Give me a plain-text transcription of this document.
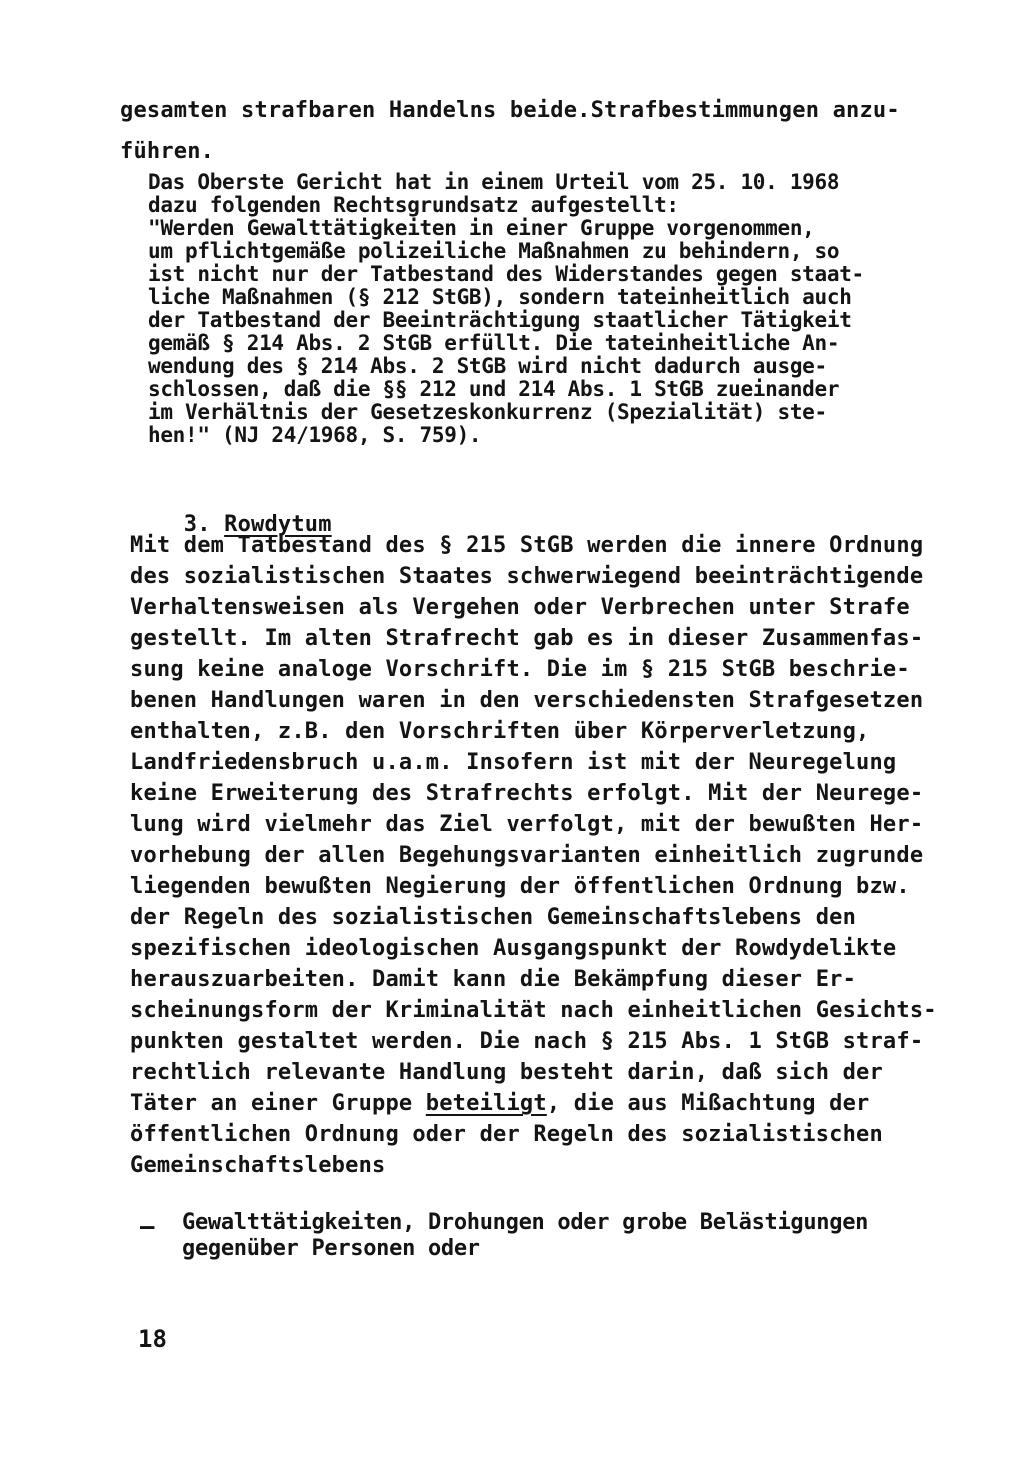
gesamten strafbaren Handelns beide.Strafbestimmungen anzu-
führen.
Das Oberste Gericht hat in einem Urteil vom 25. 10. 1968
dazu folgenden Rechtsgrundsatz aufgestellt:
"Werden Gewalttätigkeiten in einer Gruppe vorgenommen,
um pflichtgemäße polizeiliche Maßnahmen zu behindern, so
ist nicht nur der Tatbestand des Widerstandes gegen staat-
liche Maßnahmen (§ 212 StGB), sondern tateinheitlich auch
der Tatbestand der Beeinträchtigung staatlicher Tätigkeit
gemäß § 214 Abs. 2 StGB erfüllt. Die tateinheitliche An-
wendung des § 214 Abs. 2 StGB wird nicht dadurch ausge-
schlossen, daß die §§ 212 und 214 Abs. 1 StGB zueinander
im Verhältnis der Gesetzeskonkurrenz (Spezialität) ste-
hen!" (NJ 24/1968, S. 759).

3. Rowdytum

Mit dem Tatbestand des § 215 StGB werden die innere Ordnung
des sozialistischen Staates schwerwiegend beeinträchtigende
Verhaltensweisen als Vergehen oder Verbrechen unter Strafe
gestellt. Im alten Strafrecht gab es in dieser Zusammenfas-
sung keine analoge Vorschrift. Die im § 215 StGB beschrie-
benen Handlungen waren in den verschiedensten Strafgesetzen
enthalten, z.B. den Vorschriften über Körperverletzung,
Landfriedensbruch u.a.m. Insofern ist mit der Neuregelung
keine Erweiterung des Strafrechts erfolgt. Mit der Neurege-
lung wird vielmehr das Ziel verfolgt, mit der bewußten Her-
vorhebung der allen Begehungsvarianten einheitlich zugrunde
liegenden bewußten Negierung der öffentlichen Ordnung bzw.
der Regeln des sozialistischen Gemeinschaftslebens den
spezifischen ideologischen Ausgangspunkt der Rowdydelikte
herauszuarbeiten. Damit kann die Bekämpfung dieser Er-
scheinungsform der Kriminalität nach einheitlichen Gesichts-
punkten gestaltet werden. Die nach § 215 Abs. 1 StGB straf-
rechtlich relevante Handlung besteht darin, daß sich der
Täter an einer Gruppe beteiligt, die aus Mißachtung der
öffentlichen Ordnung oder der Regeln des sozialistischen
Gemeinschaftslebens
– Gewalttätigkeiten, Drohungen oder grobe Belästigungen
gegenüber Personen oder
18
